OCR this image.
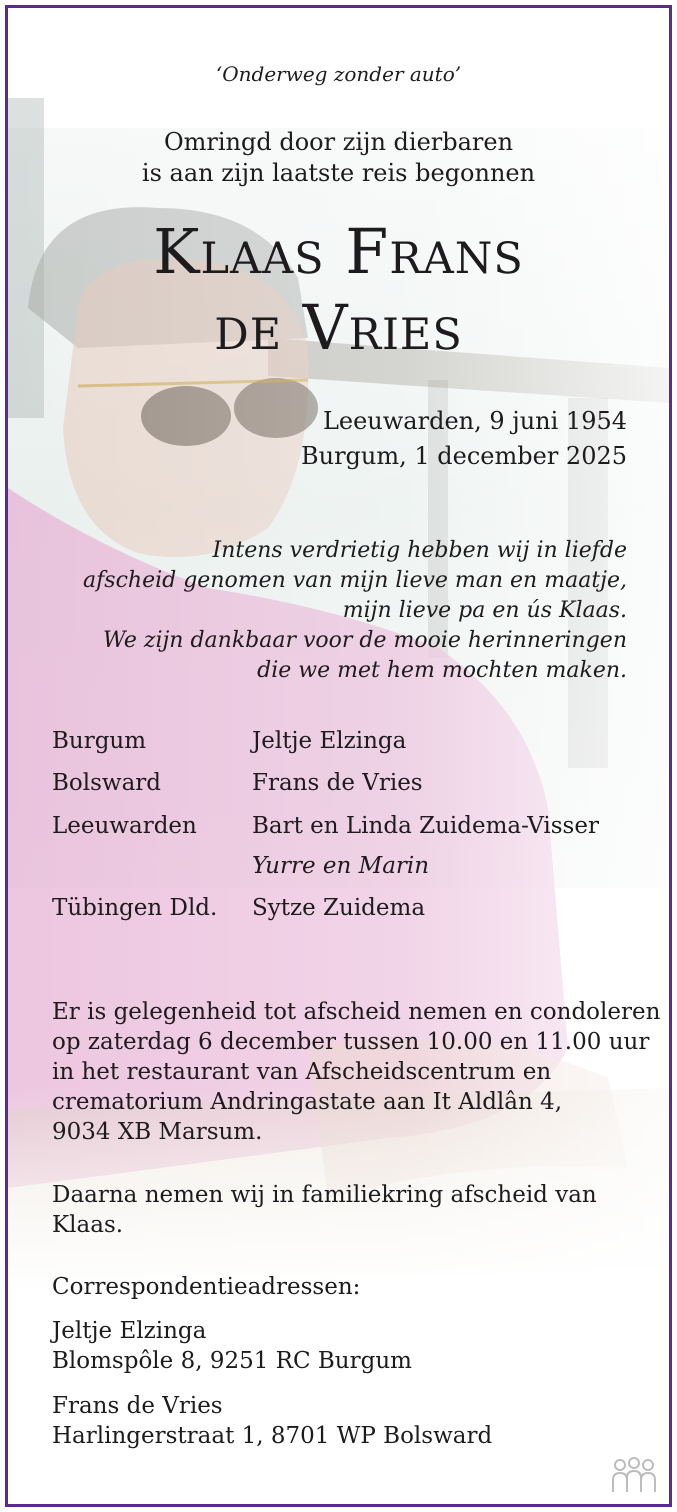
‘Onderweg zonder auto’
Omringd door zijn dierbaren
is aan zijn laatste reis begonnen
Klaas Frans
de Vries
Leeuwarden, 9 juni 1954
Burgum, 1 december 2025
Intens verdrietig hebben wij in liefde
afscheid genomen van mijn lieve man en maatje,
mijn lieve pa en ús Klaas.
We zijn dankbaar voor de mooie herinneringen
die we met hem mochten maken.
Burgum	Jeltje Elzinga
Bolsward	Frans de Vries
Leeuwarden Bart en Linda Zuidema-Visser
Yurre en Marin
Tübingen Dld. Sytze Zuidema
Er is gelegenheid tot afscheid nemen en condoleren
op zaterdag 6 december tussen 10.00 en 11.00 uur
in het restaurant van Afscheidscentrum en
crematorium Andringastate aan It Aldlân 4,
9034 XB Marsum.
Daarna nemen wij in familiekring afscheid van
Klaas.
Correspondentieadressen:
Jeltje Elzinga
Blomspôle 8, 9251 RC Burgum
Frans de Vries
Harlingerstraat 1, 8701 WP Bolsward
